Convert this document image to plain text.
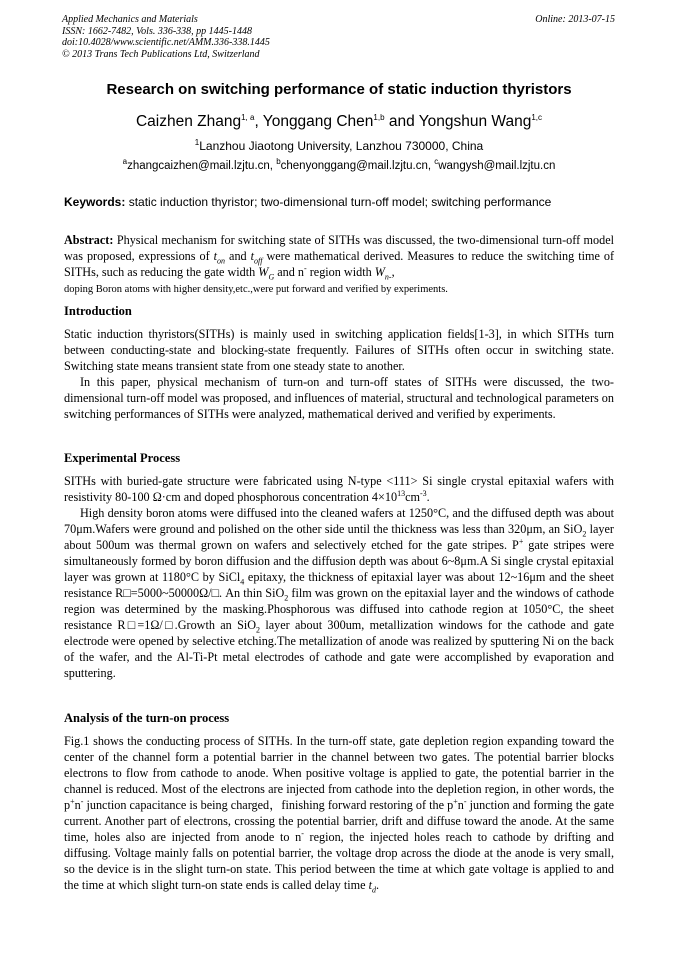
Applied Mechanics and Materials
ISSN: 1662-7482, Vols. 336-338, pp 1445-1448
doi:10.4028/www.scientific.net/AMM.336-338.1445
© 2013 Trans Tech Publications Ltd, Switzerland
Online: 2013-07-15
Research on switching performance of static induction thyristors
Caizhen Zhang$^{1, a}$, Yonggang Chen$^{1,b}$ and Yongshun Wang$^{1,c}$
$^1$Lanzhou Jiaotong University, Lanzhou 730000, China
$^a$zhangcaizhen@mail.lzjtu.cn, $^b$chenyonggang@mail.lzjtu.cn, $^c$wangysh@mail.lzjtu.cn
Keywords: static induction thyristor; two-dimensional turn-off model; switching performance
Abstract: Physical mechanism for switching state of SITHs was discussed, the two-dimensional turn-off model was proposed, expressions of $t_{on}$ and $t_{off}$ were mathematical derived. Measures to reduce the switching time of SITHs, such as reducing the gate width $W_G$ and n- region width $W_{n-}$,
doping Boron atoms with higher density,etc.,were put forward and verified by experiments.
Introduction
Static induction thyristors(SITHs) is mainly used in switching application fields[1-3], in which SITHs turn between conducting-state and blocking-state frequently. Failures of SITHs often occur in switching state. Switching state means transient state from one steady state to another.
In this paper, physical mechanism of turn-on and turn-off states of SITHs were discussed, the two-dimensional turn-off model was proposed, and influences of material, structural and technological parameters on switching performances of SITHs were analyzed, mathematical derived and verified by experiments.
Experimental Process
SITHs with buried-gate structure were fabricated using N-type <111> Si single crystal epitaxial wafers with resistivity 80-100 Ω·cm and doped phosphorous concentration $4\times 10^{13}cm^{-3}$.
High density boron atoms were diffused into the cleaned wafers at 1250°C, and the diffused depth was about 70μm.Wafers were ground and polished on the other side until the thickness was less than 320μm, an SiO$_2$ layer about 500um was thermal grown on wafers and selectively etched for the gate stripes. P+ gate stripes were simultaneously formed by boron diffusion and the diffusion depth was about 6~8μm.A Si single crystal epitaxial layer was grown at 1180°C by SiCl$_4$ epitaxy, the thickness of epitaxial layer was about 12~16μm and the sheet resistance R□=5000~50000Ω/□. An thin SiO$_2$ film was grown on the epitaxial layer and the windows of cathode region was determined by the masking.Phosphorous was diffused into cathode region at 1050°C, the sheet resistance R□=1Ω/□.Growth an SiO$_2$ layer about 300um, metallization windows for the cathode and gate electrode were opened by selective etching.The metallization of anode was realized by sputtering Ni on the back of the wafer, and the Al-Ti-Pt metal electrodes of cathode and gate were accomplished by evaporation and sputtering.
Analysis of the turn-on process
Fig.1 shows the conducting process of SITHs. In the turn-off state, gate depletion region expanding toward the center of the channel form a potential barrier in the channel between two gates. The potential barrier blocks electrons to flow from cathode to anode. When positive voltage is applied to gate, the potential barrier in the channel is reduced. Most of the electrons are injected from cathode into the depletion region, in other words, the p+n- junction capacitance is being charged，finishing forward restoring of the p+n- junction and forming the gate current. Another part of electrons, crossing the potential barrier, drift and diffuse toward the anode. At the same time, holes also are injected from anode to n- region, the injected holes reach to cathode by drifting and diffusing. Voltage mainly falls on potential barrier, the voltage drop across the diode at the anode is very small, so the device is in the slight turn-on state. This period between the time at which gate voltage is applied to and the time at which slight turn-on state ends is called delay time $t_d$.
